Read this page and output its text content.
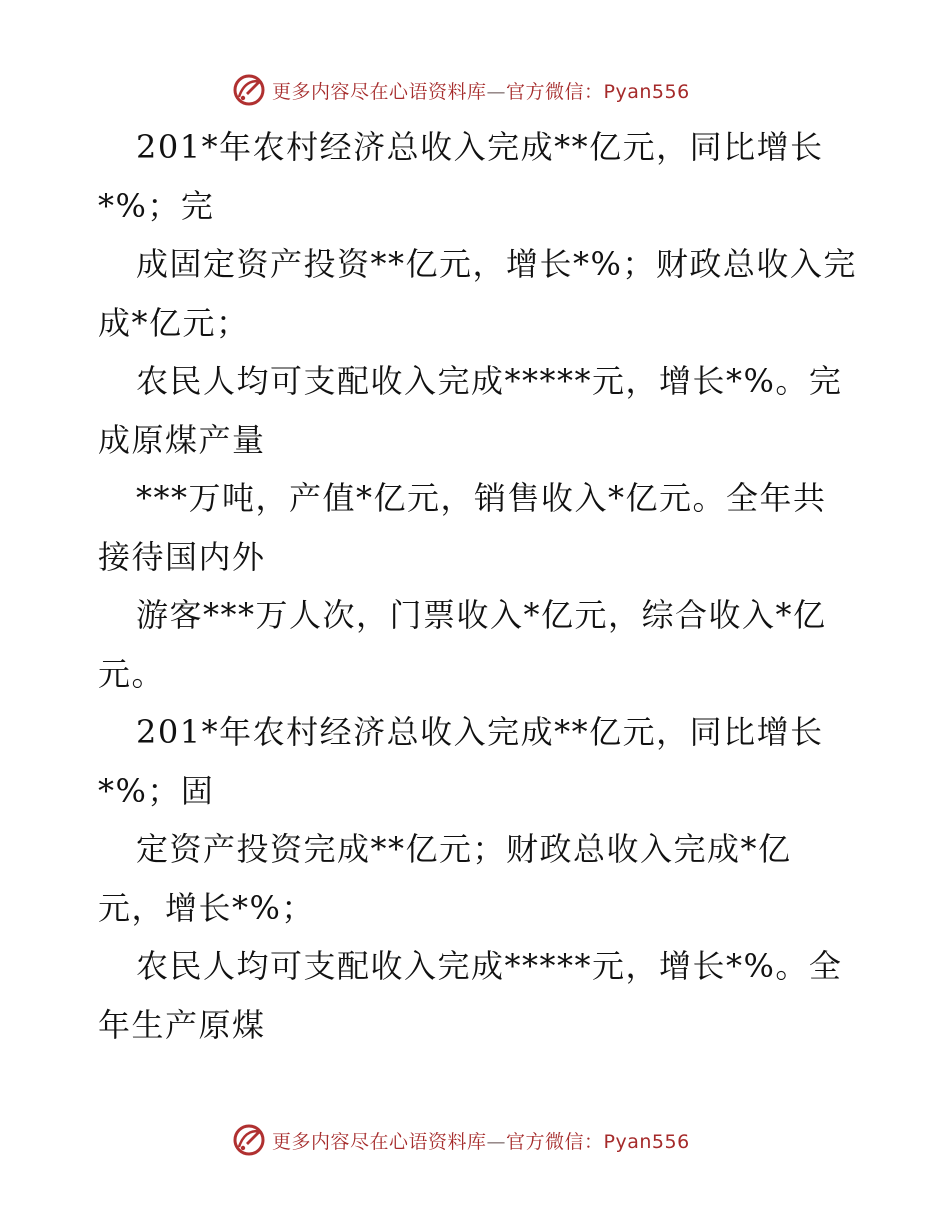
更多内容尽在心语资料库—官方微信：Pyan556

201*年农村经济总收入完成**亿元，同比增长*%；完

成固定资产投资**亿元，增长*%；财政总收入完成*亿元；

农民人均可支配收入完成*****元，增长*%。完成原煤产量

***万吨，产值*亿元，销售收入*亿元。全年共接待国内外

游客***万人次，门票收入*亿元，综合收入*亿元。

201*年农村经济总收入完成**亿元，同比增长*%；固

定资产投资完成**亿元；财政总收入完成*亿元，增长*%；

农民人均可支配收入完成*****元，增长*%。全年生产原煤

更多内容尽在心语资料库—官方微信：Pyan556
